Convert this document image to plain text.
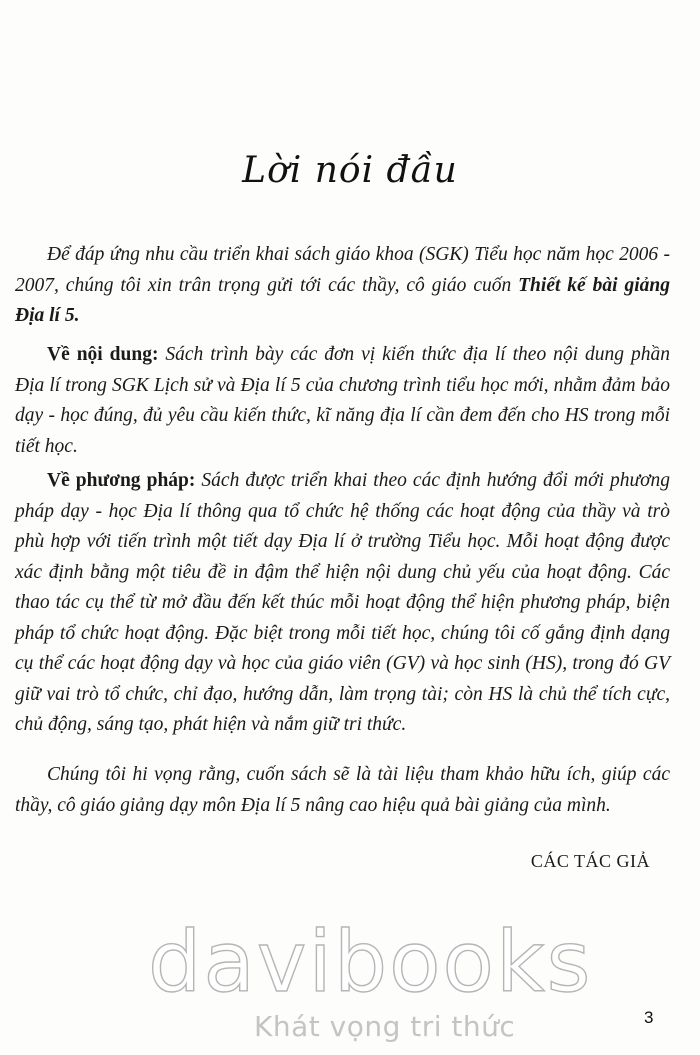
Lời nói đầu

Để đáp ứng nhu cầu triển khai sách giáo khoa (SGK) Tiểu học năm học 2006 - 2007, chúng tôi xin trân trọng gửi tới các thầy, cô giáo cuốn Thiết kế bài giảng Địa lí 5.

Về nội dung: Sách trình bày các đơn vị kiến thức địa lí theo nội dung phần Địa lí trong SGK Lịch sử và Địa lí 5 của chương trình tiểu học mới, nhằm đảm bảo dạy - học đúng, đủ yêu cầu kiến thức, kĩ năng địa lí cần đem đến cho HS trong mỗi tiết học.

Về phương pháp: Sách được triển khai theo các định hướng đổi mới phương pháp dạy - học Địa lí thông qua tổ chức hệ thống các hoạt động của thầy và trò phù hợp với tiến trình một tiết dạy Địa lí ở trường Tiểu học. Mỗi hoạt động được xác định bằng một tiêu đề in đậm thể hiện nội dung chủ yếu của hoạt động. Các thao tác cụ thể từ mở đầu đến kết thúc mỗi hoạt động thể hiện phương pháp, biện pháp tổ chức hoạt động. Đặc biệt trong mỗi tiết học, chúng tôi cố gắng định dạng cụ thể các hoạt động dạy và học của giáo viên (GV) và học sinh (HS), trong đó GV giữ vai trò tổ chức, chỉ đạo, hướng dẫn, làm trọng tài; còn HS là chủ thể tích cực, chủ động, sáng tạo, phát hiện và nắm giữ tri thức.

Chúng tôi hi vọng rằng, cuốn sách sẽ là tài liệu tham khảo hữu ích, giúp các thầy, cô giáo giảng dạy môn Địa lí 5 nâng cao hiệu quả bài giảng của mình.

CÁC TÁC GIẢ
davibooks
Khát vọng tri thức	3
